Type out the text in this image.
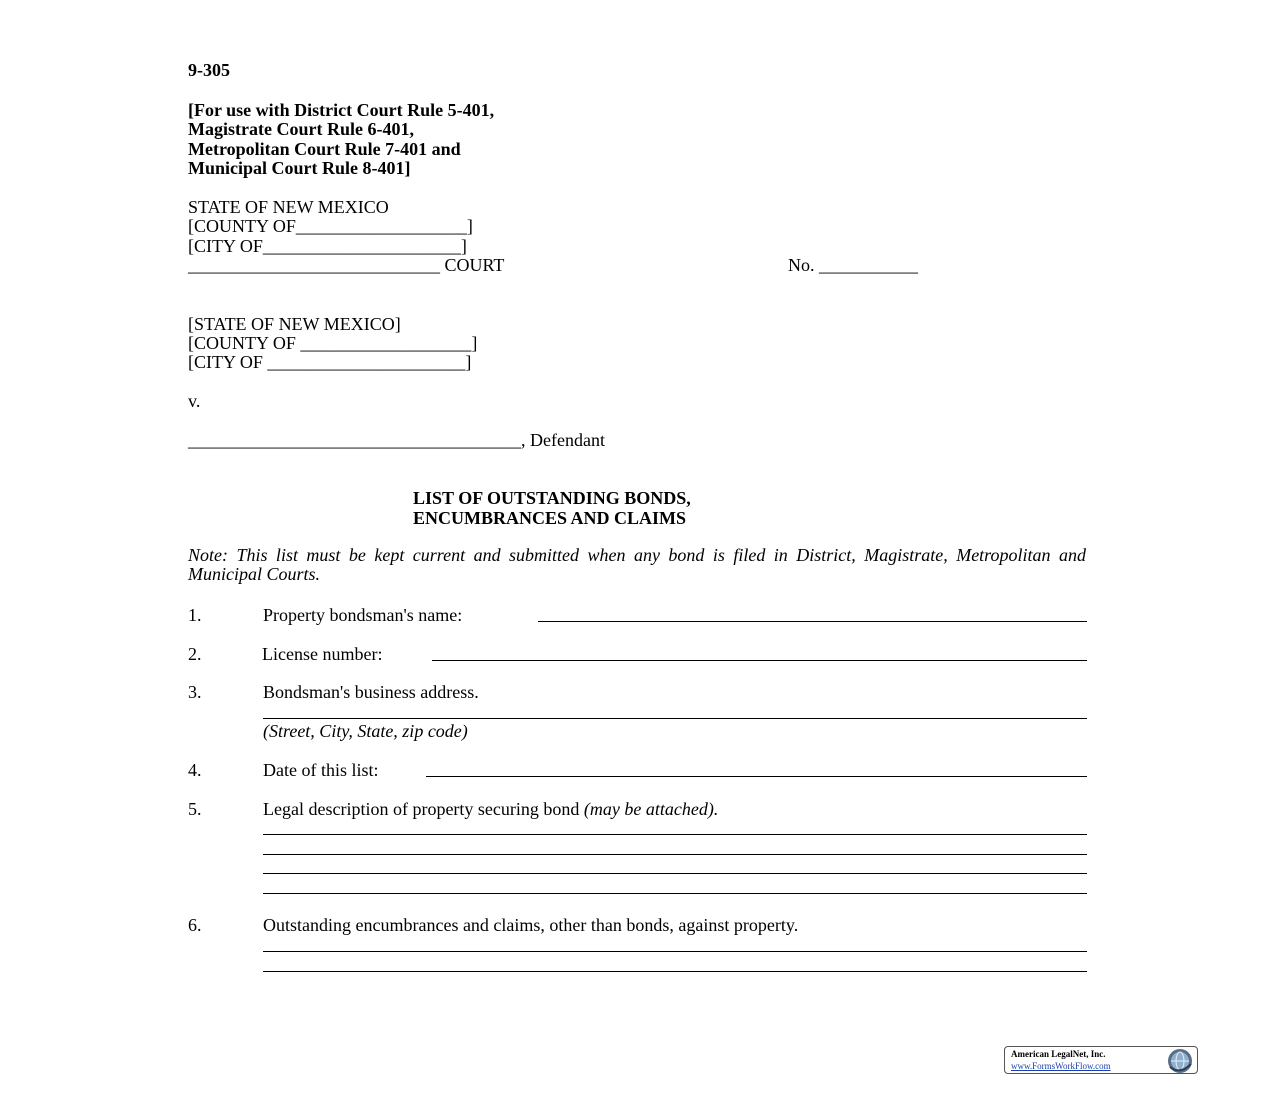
9-305
[For use with District Court Rule 5-401,
Magistrate Court Rule 6-401,
Metropolitan Court Rule 7-401 and
Municipal Court Rule 8-401]
STATE OF NEW MEXICO
[COUNTY OF___________________]
[CITY OF______________________]
____________________________ COURT	No. ___________
[STATE OF NEW MEXICO]
[COUNTY OF ___________________]
[CITY OF ______________________]
v.
_____________________________________, Defendant
LIST OF OUTSTANDING BONDS,
ENCUMBRANCES AND CLAIMS
Note: This list must be kept current and submitted when any bond is filed in District, Magistrate, Metropolitan and Municipal Courts.
1.	Property bondsman's name:
2.	License number:
3.	Bondsman's business address.
(Street, City, State, zip code)
4.	Date of this list:
5.	Legal description of property securing bond (may be attached).
6.	Outstanding encumbrances and claims, other than bonds, against property.
American LegalNet, Inc.
www.FormsWorkFlow.com
